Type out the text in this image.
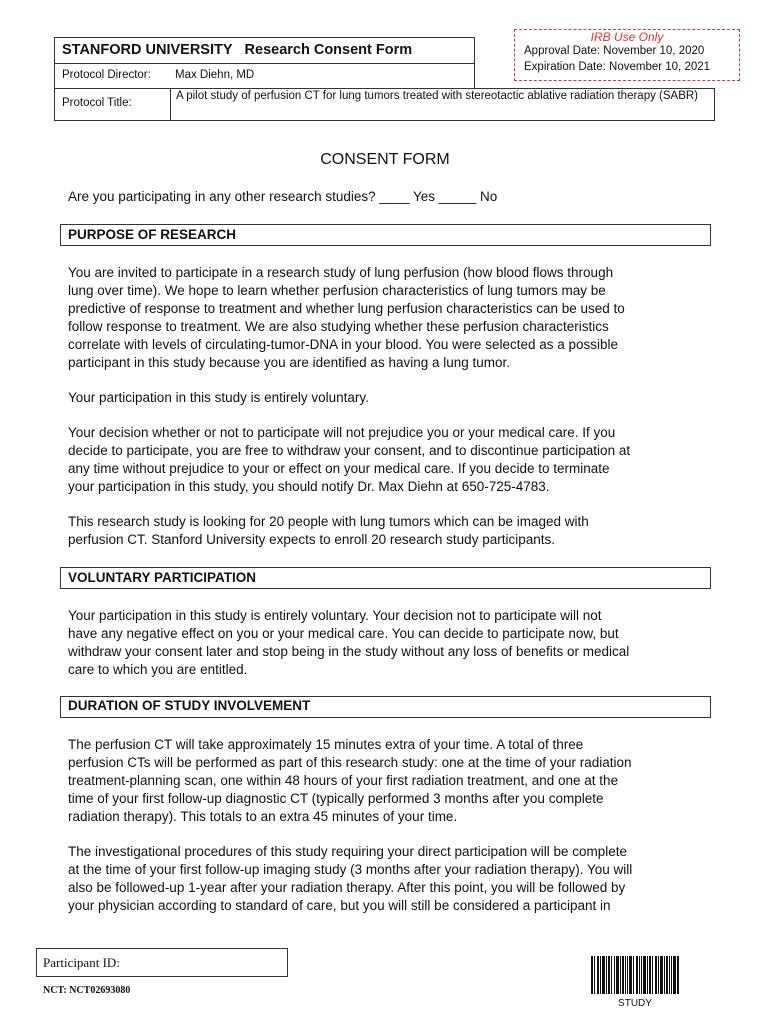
STANFORD UNIVERSITY Research Consent Form
Protocol Director: Max Diehn, MD
Protocol Title:
A pilot study of perfusion CT for lung tumors treated with stereotactic ablative radiation therapy (SABR)
IRB Use Only
Approval Date: November 10, 2020
Expiration Date: November 10, 2021
CONSENT FORM
Are you participating in any other research studies? ____ Yes _____ No
PURPOSE OF RESEARCH
You are invited to participate in a research study of lung perfusion (how blood flows through
lung over time). We hope to learn whether perfusion characteristics of lung tumors may be
predictive of response to treatment and whether lung perfusion characteristics can be used to
follow response to treatment. We are also studying whether these perfusion characteristics
correlate with levels of circulating-tumor-DNA in your blood. You were selected as a possible
participant in this study because you are identified as having a lung tumor.
Your participation in this study is entirely voluntary.
Your decision whether or not to participate will not prejudice you or your medical care. If you
decide to participate, you are free to withdraw your consent, and to discontinue participation at
any time without prejudice to your or effect on your medical care. If you decide to terminate
your participation in this study, you should notify Dr. Max Diehn at 650-725-4783.
This research study is looking for 20 people with lung tumors which can be imaged with
perfusion CT. Stanford University expects to enroll 20 research study participants.
VOLUNTARY PARTICIPATION
Your participation in this study is entirely voluntary. Your decision not to participate will not
have any negative effect on you or your medical care. You can decide to participate now, but
withdraw your consent later and stop being in the study without any loss of benefits or medical
care to which you are entitled.
DURATION OF STUDY INVOLVEMENT
The perfusion CT will take approximately 15 minutes extra of your time. A total of three
perfusion CTs will be performed as part of this research study: one at the time of your radiation
treatment-planning scan, one within 48 hours of your first radiation treatment, and one at the
time of your first follow-up diagnostic CT (typically performed 3 months after you complete
radiation therapy). This totals to an extra 45 minutes of your time.
The investigational procedures of this study requiring your direct participation will be complete
at the time of your first follow-up imaging study (3 months after your radiation therapy). You will
also be followed-up 1-year after your radiation therapy. After this point, you will be followed by
your physician according to standard of care, but you will still be considered a participant in
Participant ID:
NCT: NCT02693080
STUDY
